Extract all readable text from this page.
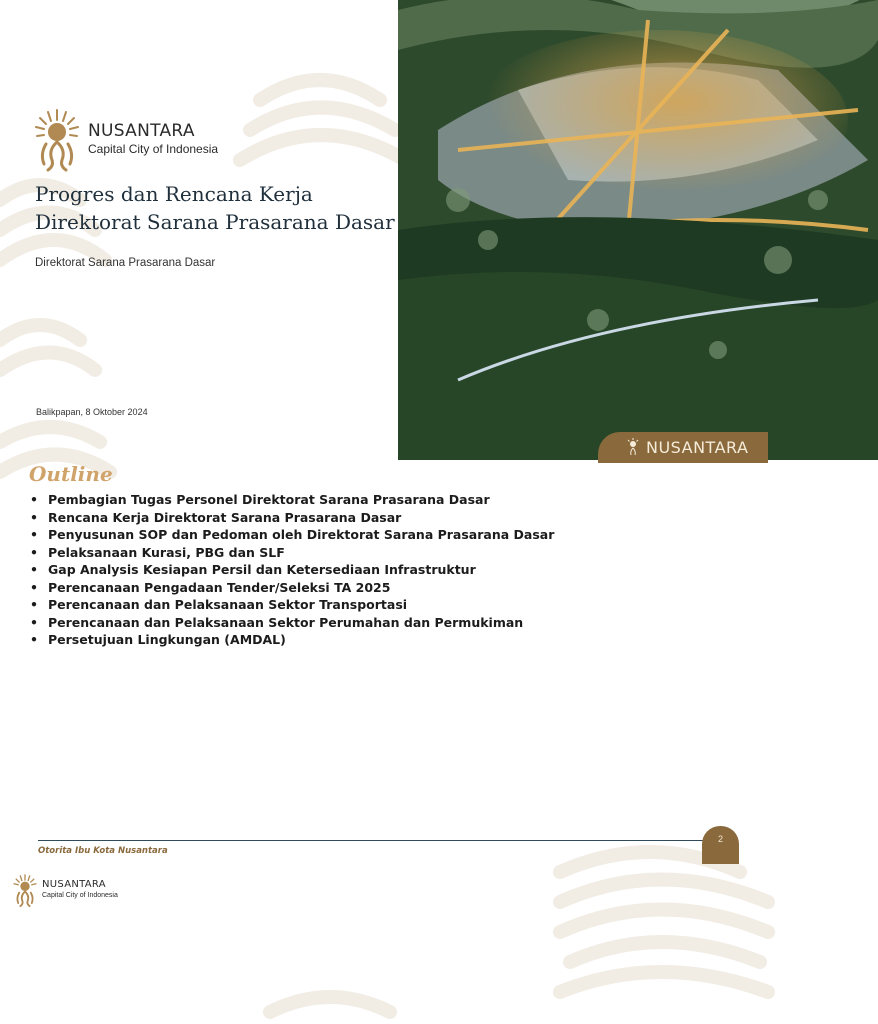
NUSANTARA
Capital City of Indonesia
Progres dan Rencana Kerja
Direktorat Sarana Prasarana Dasar
Direktorat Sarana Prasarana Dasar
Balikpapan, 8 Oktober 2024
NUSANTARA
Outline
• Pembagian Tugas Personel Direktorat Sarana Prasarana Dasar
• Rencana Kerja Direktorat Sarana Prasarana Dasar
• Penyusunan SOP dan Pedoman oleh Direktorat Sarana Prasarana Dasar
• Pelaksanaan Kurasi, PBG dan SLF
• Gap Analysis Kesiapan Persil dan Ketersediaan Infrastruktur
• Perencanaan Pengadaan Tender/Seleksi TA 2025
• Perencanaan dan Pelaksanaan Sektor Transportasi
• Perencanaan dan Pelaksanaan Sektor Perumahan dan Permukiman
• Persetujuan Lingkungan (AMDAL)
2
Otorita Ibu Kota Nusantara
NUSANTARA
Capital City of Indonesia
